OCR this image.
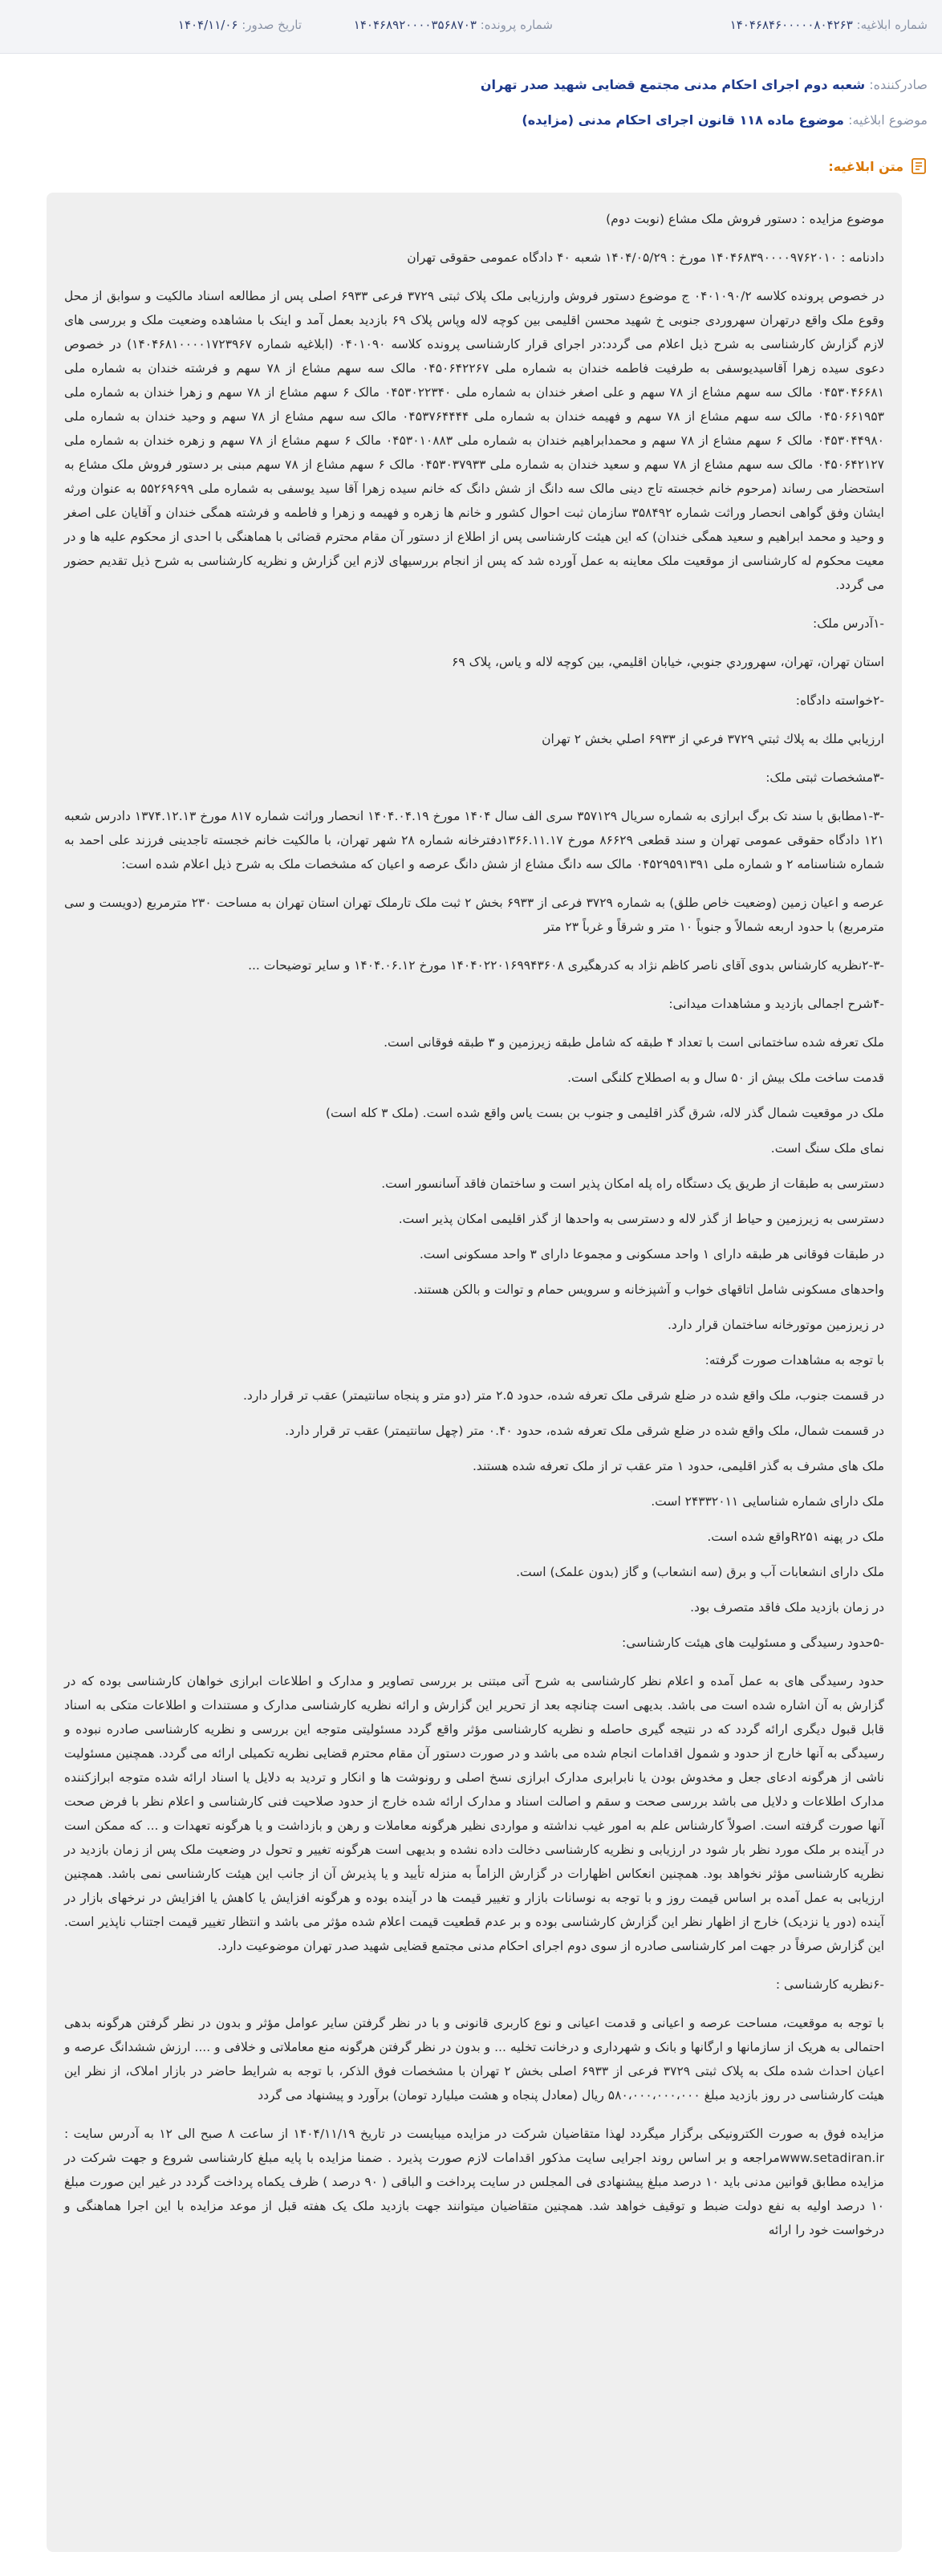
شماره ابلاغیه: ۱۴۰۴۶۸۴۶۰۰۰۰۰۸۰۴۲۶۳
شماره پرونده: ۱۴۰۴۶۸۹۲۰۰۰۰۳۵۶۸۷۰۳
تاریخ صدور: ۱۴۰۴/۱۱/۰۶
صادرکننده: شعبه دوم اجرای احکام مدنی مجتمع قضایی شهید صدر تهران
موضوع ابلاغیه: موضوع ماده ۱۱۸ قانون اجرای احکام مدنی (مزایده)
متن ابلاغیه:

موضوع مزایده : دستور فروش ملک مشاع (نوبت دوم)

دادنامه : ۱۴۰۴۶۸۳۹۰۰۰۰۹۷۶۲۰۱۰ مورخ : ۱۴۰۴/۰۵/۲۹ شعبه ۴۰ دادگاه عمومی حقوقی تهران

در خصوص پرونده کلاسه ۰۴۰۱۰۹۰/۲ ج موضوع دستور فروش وارزیابی ملک پلاک ثبتی ۳۷۲۹ فرعی ۶۹۳۳ اصلی پس از مطالعه اسناد مالکیت و سوابق از محل وقوع ملک واقع درتهران سهروردی جنوبی خ شهید محسن اقلیمی بین کوچه لاله وپاس پلاک ۶۹ بازدید بعمل آمد و اینک با مشاهده وضعیت ملک و بررسی های لازم گزارش کارشناسی به شرح ذیل اعلام می گردد:در اجرای قرار کارشناسی پرونده کلاسه ۰۴۰۱۰۹۰ (ابلاغیه شماره ۱۴۰۴۶۸۱۰۰۰۰۱۷۲۳۹۶۷) در خصوص دعوی سیده زهرا آقاسیدیوسفی به طرفیت فاطمه خندان به شماره ملی ۰۴۵۰۶۴۲۲۶۷ مالک سه سهم مشاع از ۷۸ سهم و فرشته خندان به شماره ملی ۰۴۵۳۰۴۶۶۸۱ مالک سه سهم مشاع از ۷۸ سهم و علی اصغر خندان به شماره ملی ۰۴۵۳۰۲۲۳۴۰ مالک ۶ سهم مشاع از ۷۸ سهم و زهرا خندان به شماره ملی ۰۴۵۰۶۶۱۹۵۳ مالک سه سهم مشاع از ۷۸ سهم و فهیمه خندان به شماره ملی ۰۴۵۳۷۶۴۴۴۴ مالک سه سهم مشاع از ۷۸ سهم و وحید خندان به شماره ملی ۰۴۵۳۰۴۴۹۸۰ مالک ۶ سهم مشاع از ۷۸ سهم و محمدابراهیم خندان به شماره ملی ۰۴۵۳۰۱۰۸۸۳ مالک ۶ سهم مشاع از ۷۸ سهم و زهره خندان به شماره ملی ۰۴۵۰۶۴۲۱۲۷ مالک سه سهم مشاع از ۷۸ سهم و سعید خندان به شماره ملی ۰۴۵۳۰۳۷۹۳۳ مالک ۶ سهم مشاع از ۷۸ سهم مبنی بر دستور فروش ملک مشاع به استحضار می رساند (مرحوم خانم خجسته تاج دینی مالک سه دانگ از شش دانگ که خانم سیده زهرا آقا سید یوسفی به شماره ملی ۵۵۲۶۹۶۹۹ به عنوان ورثه ایشان وفق گواهی انحصار وراثت شماره ۳۵۸۴۹۲ سازمان ثبت احوال کشور و خانم ها زهره و فهیمه و زهرا و فاطمه و فرشته همگی خندان و آقایان علی اصغر و وحید و محمد ابراهیم و سعید همگی خندان) که این هیئت کارشناسی پس از اطلاع از دستور آن مقام محترم قضائی با هماهنگی با احدی از محکوم علیه ها و در معیت محکوم له کارشناسی از موقعیت ملک معاینه به عمل آورده شد که پس از انجام بررسیهای لازم این گزارش و نظریه کارشناسی به شرح ذیل تقدیم حضور می گردد.

-۱آدرس ملک:

استان تهران، تهران، سهروردي جنوبي، خيابان اقليمي، بين كوچه لاله و ياس، پلاک ۶۹

-۲خواسته دادگاه:

ارزيابي ملك به پلاك ثبتي ۳۷۲۹ فرعي از ۶۹۳۳ اصلي بخش ۲ تهران

-۳مشخصات ثبتی ملک:

-۱-۳مطابق با سند تک برگ ابرازی به شماره سریال ۳۵۷۱۲۹ سری الف سال ۱۴۰۴ مورخ ۱۴۰۴.۰۴.۱۹ انحصار وراثت شماره ۸۱۷ مورخ ۱۳۷۴.۱۲.۱۳ دادرس شعبه ۱۲۱ دادگاه حقوقی عمومی تهران و سند قطعی ۸۶۶۲۹ مورخ ۱۳۶۶.۱۱.۱۷دفترخانه شماره ۲۸ شهر تهران، با مالکیت خانم خجسته تاجدینی فرزند علی احمد به شماره شناسنامه ۲ و شماره ملی ۰۴۵۲۹۵۹۱۳۹۱ مالک سه دانگ مشاع از شش دانگ عرصه و اعیان که مشخصات ملک به شرح ذیل اعلام شده است:

عرصه و اعیان زمین (وضعیت خاص طلق) به شماره ۳۷۲۹ فرعی از ۶۹۳۳ بخش ۲ ثبت ملک تارملک تهران استان تهران به مساحت ۲۳۰ مترمربع (دویست و سی مترمربع) با حدود اربعه شمالاً و جنوباً ۱۰ متر و شرقاً و غرباً ۲۳ متر

-۲-۳نظریه کارشناس بدوی آقای ناصر کاظم نژاد به کدرهگیری ۱۴۰۴۰۲۲۰۱۶۹۹۴۳۶۰۸ مورخ ۱۴۰۴.۰۶.۱۲ و سایر توضیحات ...

-۴شرح اجمالی بازدید و مشاهدات میدانی:

ملک تعرفه شده ساختمانی است با تعداد ۴ طبقه که شامل طبقه زیرزمین و ۳ طبقه فوقانی است.

قدمت ساخت ملک بیش از ۵۰ سال و به اصطلاح کلنگی است.

ملک در موقعیت شمال گذر لاله، شرق گذر اقلیمی و جنوب بن بست یاس واقع شده است. (ملک ۳ کله است)

نمای ملک سنگ است.

دسترسی به طبقات از طریق یک دستگاه راه پله امکان پذیر است و ساختمان فاقد آسانسور است.

دسترسی به زیرزمین و حیاط از گذر لاله و دسترسی به واحدها از گذر اقلیمی امکان پذیر است.

در طبقات فوقانی هر طبقه دارای ۱ واحد مسکونی و مجموعا دارای ۳ واحد مسکونی است.

واحدهای مسکونی شامل اتاقهای خواب و آشپزخانه و سرویس حمام و توالت و بالکن هستند.

در زیرزمین موتورخانه ساختمان قرار دارد.

با توجه به مشاهدات صورت گرفته:

در قسمت جنوب، ملک واقع شده در ضلع شرقی ملک تعرفه شده، حدود ۲.۵ متر (دو متر و پنجاه سانتیمتر) عقب تر قرار دارد.

در قسمت شمال، ملک واقع شده در ضلع شرقی ملک تعرفه شده، حدود ۰.۴۰ متر (چهل سانتیمتر) عقب تر قرار دارد.

ملک های مشرف به گذر اقلیمی، حدود ۱ متر عقب تر از ملک تعرفه شده هستند.

ملک دارای شماره شناسایی ۲۴۳۳۲۰۱۱ است.

ملک در پهنه R۲۵۱واقع شده است.

ملک دارای انشعابات آب و برق (سه انشعاب) و گاز (بدون علمک) است.

در زمان بازدید ملک فاقد متصرف بود.

-۵حدود رسیدگی و مسئولیت های هیئت کارشناسی:

حدود رسیدگی های به عمل آمده و اعلام نظر کارشناسی به شرح آتی مبتنی بر بررسی تصاویر و مدارک و اطلاعات ابرازی خواهان کارشناسی بوده که در گزارش به آن اشاره شده است می باشد. بدیهی است چنانچه بعد از تحریر این گزارش و ارائه نظریه کارشناسی مدارک و مستندات و اطلاعات متکی به اسناد قابل قبول دیگری ارائه گردد که در نتیجه گیری حاصله و نظریه کارشناسی مؤثر واقع گردد مسئولیتی متوجه این بررسی و نظریه کارشناسی صادره نبوده و رسیدگی به آنها خارج از حدود و شمول اقدامات انجام شده می باشد و در صورت دستور آن مقام محترم قضایی نظریه تکمیلی ارائه می گردد. همچنین مسئولیت ناشی از هرگونه ادعای جعل و مخدوش بودن یا نابرابری مدارک ابرازی نسخ اصلی و رونوشت ها و انکار و تردید به دلایل یا اسناد ارائه شده متوجه ابرازکننده مدارک اطلاعات و دلایل می باشد بررسی صحت و سقم و اصالت اسناد و مدارک ارائه شده خارج از حدود صلاحیت فنی کارشناسی و اعلام نظر با فرض صحت آنها صورت گرفته است. اصولاً کارشناس علم به امور غیب نداشته و مواردی نظیر هرگونه معاملات و رهن و بازداشت و یا هرگونه تعهدات و ... که ممکن است در آینده بر ملک مورد نظر بار شود در ارزیابی و نظریه کارشناسی دخالت داده نشده و بدیهی است هرگونه تغییر و تحول در وضعیت ملک پس از زمان بازدید در نظریه کارشناسی مؤثر نخواهد بود. همچنین انعکاس اظهارات در گزارش الزاماً به منزله تأیید و یا پذیرش آن از جانب این هیئت کارشناسی نمی باشد. همچنین ارزیابی به عمل آمده بر اساس قیمت روز و با توجه به نوسانات بازار و تغییر قیمت ها در آینده بوده و هرگونه افزایش یا کاهش یا افزایش در نرخهای بازار در آینده (دور یا نزدیک) خارج از اظهار نظر این گزارش کارشناسی بوده و بر عدم قطعیت قیمت اعلام شده مؤثر می باشد و انتظار تغییر قیمت اجتناب ناپذیر است. این گزارش صرفاً در جهت امر کارشناسی صادره از سوی دوم اجرای احکام مدنی مجتمع قضایی شهید صدر تهران موضوعیت دارد.

-۶نظریه کارشناسی :

با توجه به موقعیت، مساحت عرصه و اعیانی و قدمت اعیانی و نوع کاربری قانونی و با در نظر گرفتن سایر عوامل مؤثر و بدون در نظر گرفتن هرگونه بدهی احتمالی به هریک از سازمانها و ارگانها و بانک و شهرداری و درخانت تخلیه ... و بدون در نظر گرفتن هرگونه منع معاملاتی و خلافی و .... ارزش ششدانگ عرصه و اعیان احداث شده ملک به پلاک ثبتی ۳۷۲۹ فرعی از ۶۹۳۳ اصلی بخش ۲ تهران با مشخصات فوق الذکر، با توجه به شرایط حاضر در بازار املاک، از نظر این هیئت کارشناسی در روز بازدید مبلغ ۵۸۰،۰۰۰،۰۰۰،۰۰۰ ریال (معادل پنجاه و هشت میلیارد تومان) برآورد و پیشنهاد می گردد

مزایده فوق به صورت الکترونیکی برگزار میگردد لهذا متقاضیان شرکت در مزایده میبایست در تاریخ ۱۴۰۴/۱۱/۱۹ از ساعت ۸ صبح الی ۱۲ به آدرس سایت : www.setadiran.irمراجعه و بر اساس روند اجرایی سایت مذکور اقدامات لازم صورت پذیرد . ضمنا مزایده با پایه مبلغ کارشناسی شروع و جهت شرکت در مزایده مطابق قوانین مدنی باید ۱۰ درصد مبلغ پیشنهادی فی المجلس در سایت پرداخت و الباقی ( ۹۰ درصد ) ظرف یکماه پرداخت گردد در غیر این صورت مبلغ ۱۰ درصد اولیه به نفع دولت ضبط و توقیف خواهد شد. همچنین متقاضیان میتوانند جهت بازدید ملک یک هفته قبل از موعد مزایده با این اجرا هماهنگی و درخواست خود را ارائه
